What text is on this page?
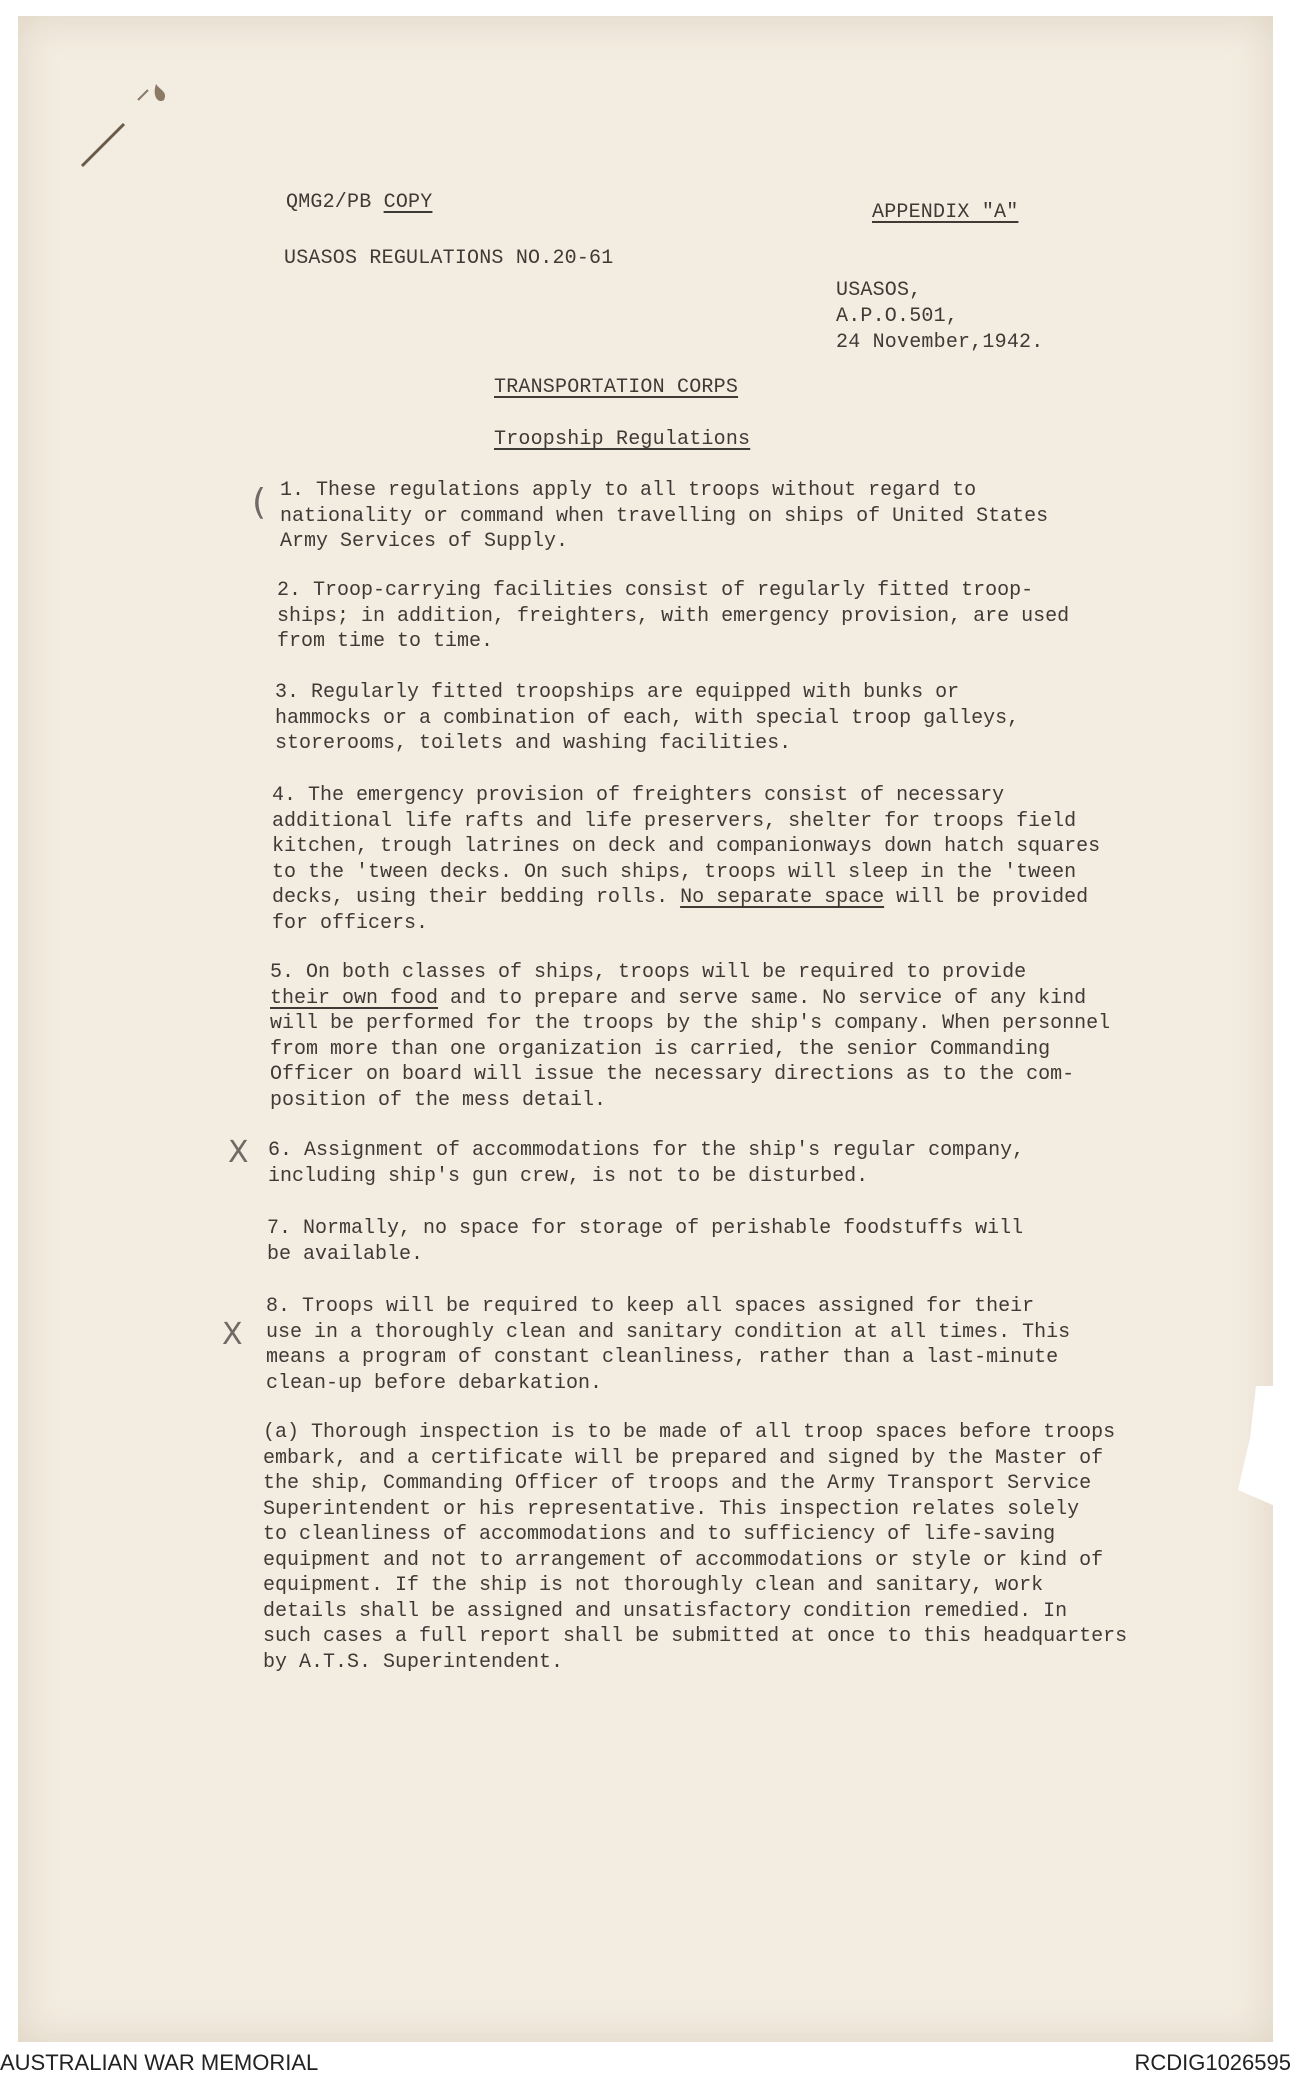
QMG2/PB COPY	APPENDIX "A"
USASOS REGULATIONS NO.20-61
USASOS,
A.P.O.501,
24 November,1942.
TRANSPORTATION CORPS
Troopship Regulations
1. These regulations apply to all troops without regard to
nationality or command when travelling on ships of United States
Army Services of Supply.
2. Troop-carrying facilities consist of regularly fitted troop-
ships; in addition, freighters, with emergency provision, are used
from time to time.
3. Regularly fitted troopships are equipped with bunks or
hammocks or a combination of each, with special troop galleys,
storerooms, toilets and washing facilities.
4. The emergency provision of freighters consist of necessary
additional life rafts and life preservers, shelter for troops field
kitchen, trough latrines on deck and companionways down hatch squares
to the 'tween decks. On such ships, troops will sleep in the 'tween
decks, using their bedding rolls. No separate space will be provided
for officers.
5. On both classes of ships, troops will be required to provide
their own food and to prepare and serve same. No service of any kind
will be performed for the troops by the ship's company. When personnel
from more than one organization is carried, the senior Commanding
Officer on board will issue the necessary directions as to the com-
position of the mess detail.
6. Assignment of accommodations for the ship's regular company,
including ship's gun crew, is not to be disturbed.
7. Normally, no space for storage of perishable foodstuffs will
be available.
8. Troops will be required to keep all spaces assigned for their
use in a thoroughly clean and sanitary condition at all times. This
means a program of constant cleanliness, rather than a last-minute
clean-up before debarkation.
(a) Thorough inspection is to be made of all troop spaces before troops
embark, and a certificate will be prepared and signed by the Master of
the ship, Commanding Officer of troops and the Army Transport Service
Superintendent or his representative. This inspection relates solely
to cleanliness of accommodations and to sufficiency of life-saving
equipment and not to arrangement of accommodations or style or kind of
equipment. If the ship is not thoroughly clean and sanitary, work
details shall be assigned and unsatisfactory condition remedied. In
such cases a full report shall be submitted at once to this headquarters
by A.T.S. Superintendent.
(
X
X
AUSTRALIAN WAR MEMORIAL	RCDIG1026595
